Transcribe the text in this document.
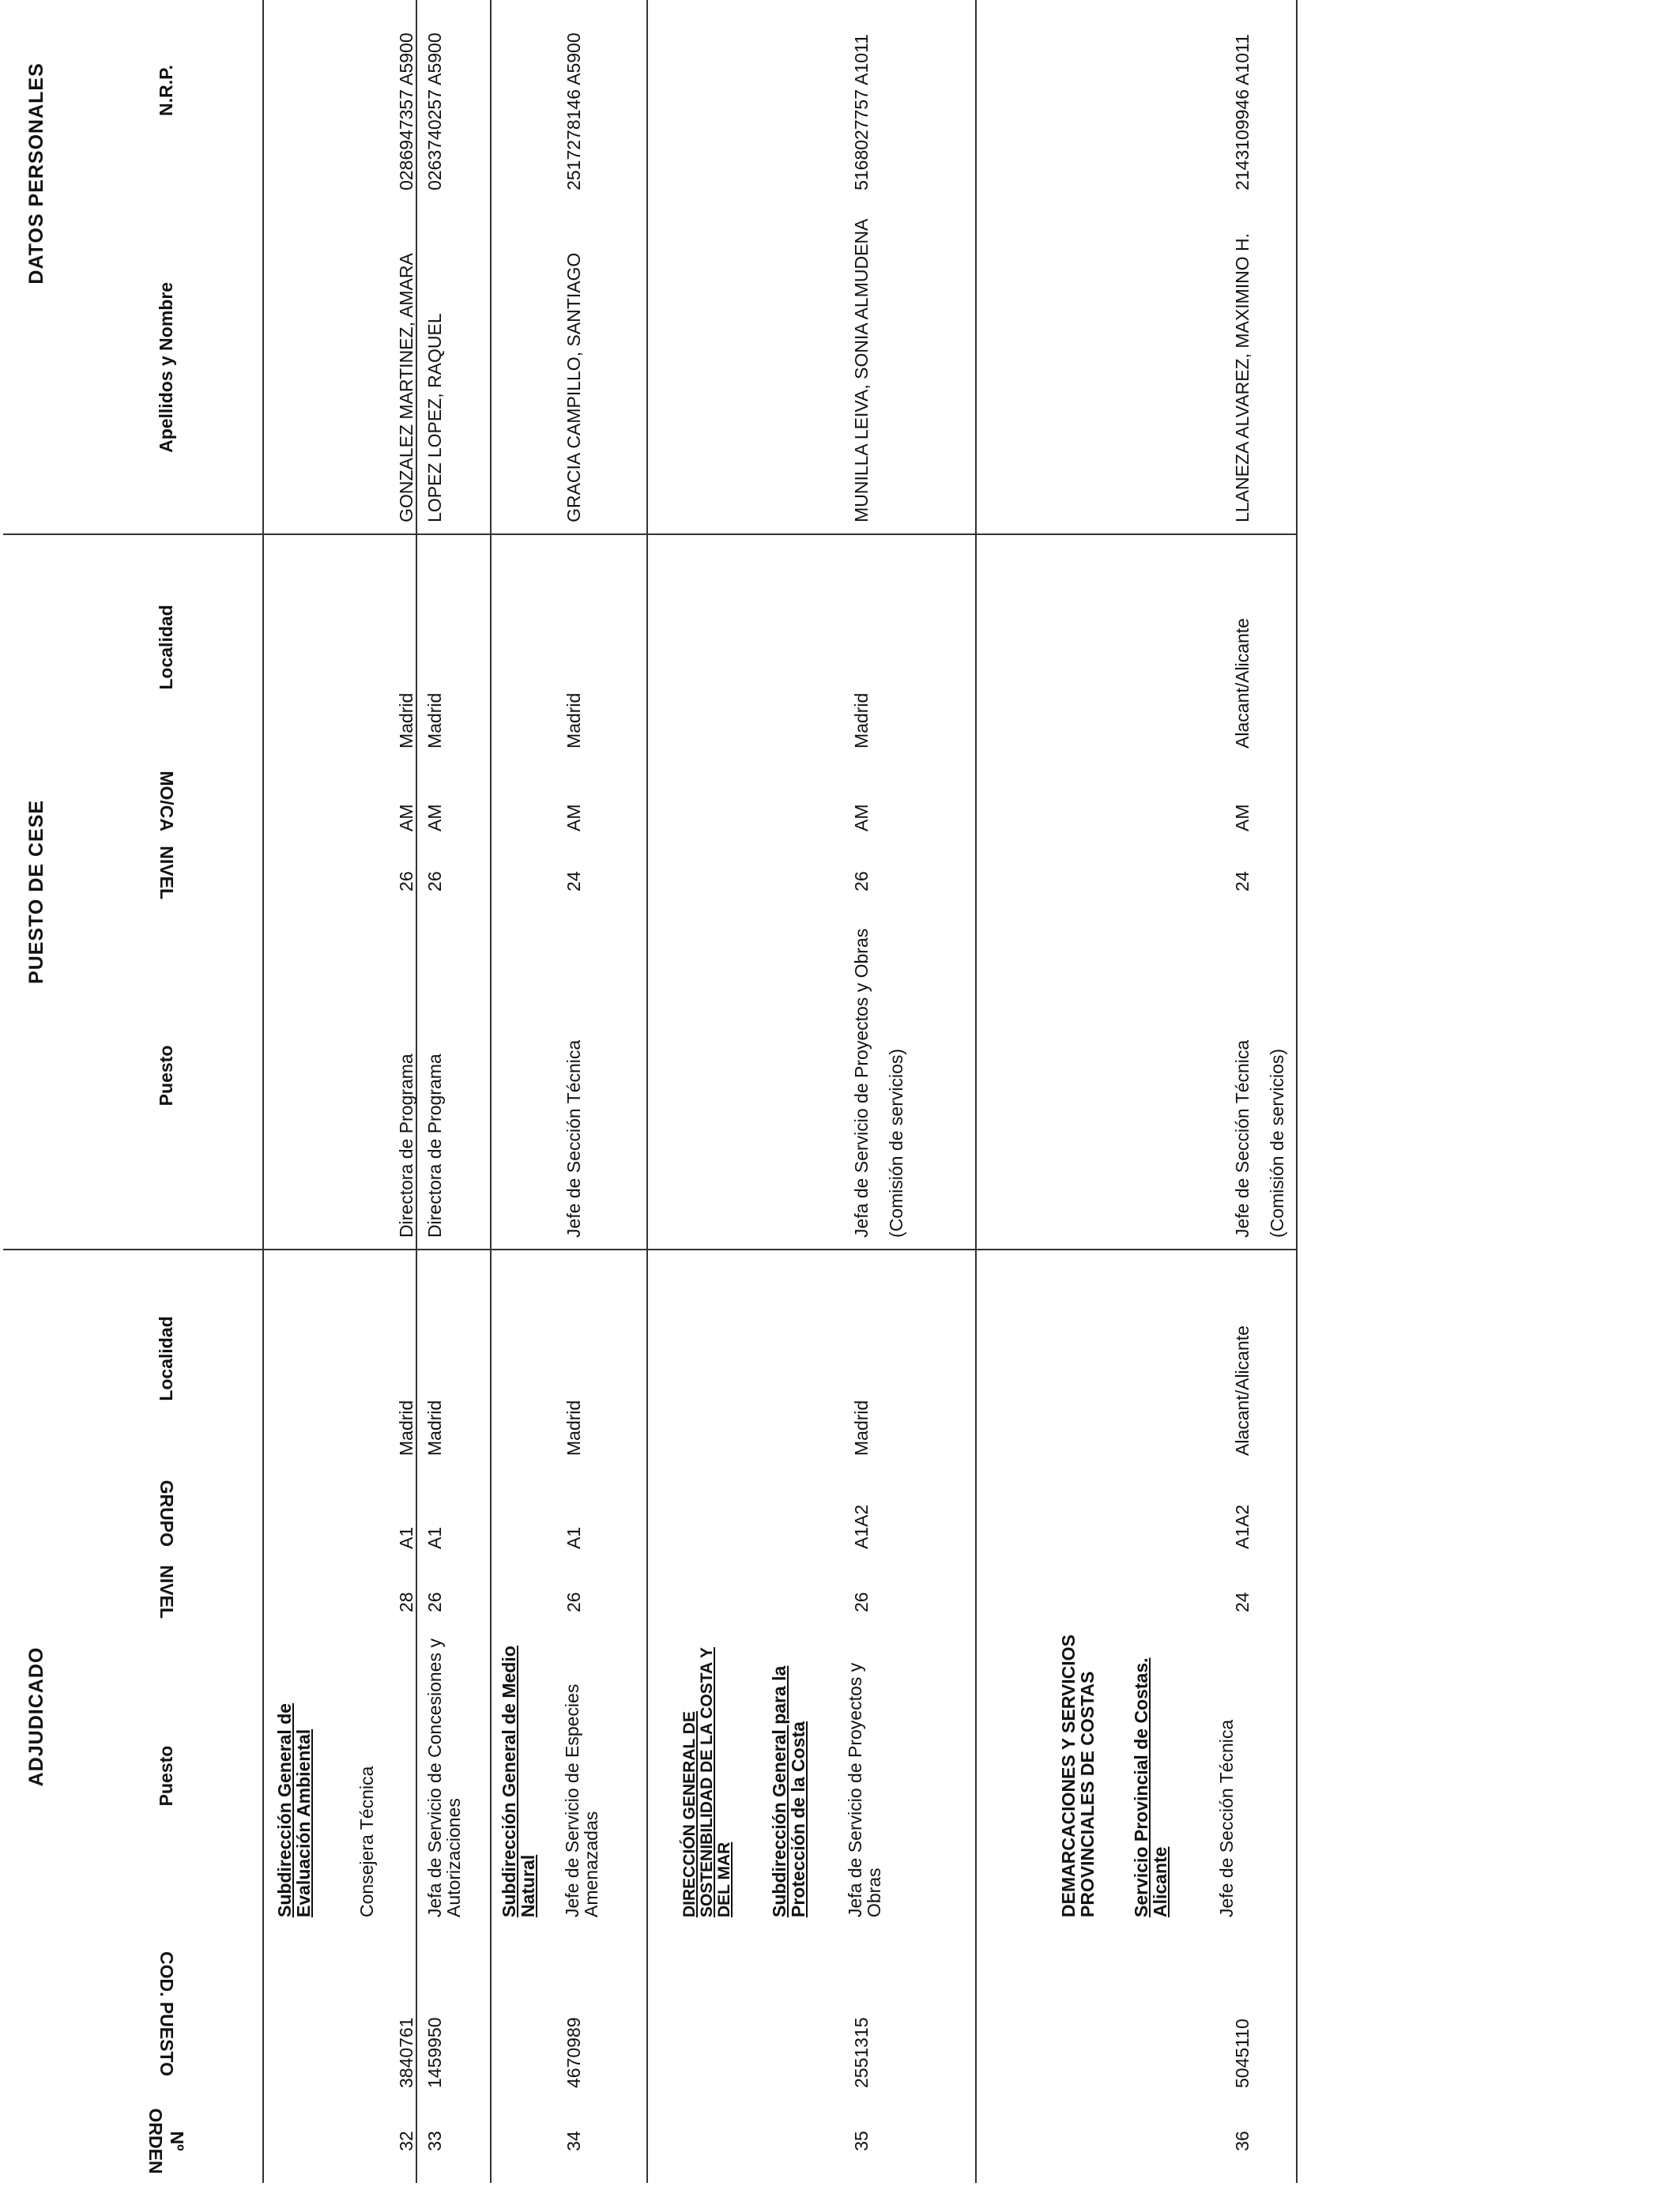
ADJUDICADO						PUESTO DE CESE				DATOS PERSONALES			
Nº ORDEN	COD. PUESTO	Puesto	NIVEL	GRUPO	Localidad	Puesto	NIVEL	MO/CA	Localidad	Apellidos y Nombre	N.R.P.		
32	3840761	Subdirección General de Evaluación Ambiental Consejera Técnica	28	A1	Madrid	Directora de Programa	26	AM	Madrid	GONZALEZ MARTINEZ, AMARA	0286947357 A5900		
33	1459950	Jefa de Servicio de Concesiones y Autorizaciones	26	A1	Madrid	Directora de Programa	26	AM	Madrid	LOPEZ LOPEZ, RAQUEL	0263740257 A5900		
34	4670989	Subdirección General de Medio Natural Jefe de Servicio de Especies Amenazadas	26	A1	Madrid	Jefe de Sección Técnica	24	AM	Madrid	GRACIA CAMPILLO, SANTIAGO	2517278146 A5900		
35	2551315	DIRECCIÓN GENERAL DE SOSTENIBILIDAD DE LA COSTA Y DEL MAR Subdirección General para la Protección de la Costa Jefa de Servicio de Proyectos y Obras	26	A1A2	Madrid	Jefa de Servicio de Proyectos y Obras (Comisión de servicios)	26	AM	Madrid	MUNILLA LEIVA, SONIA ALMUDENA	5168027757 A1011		
36	5045110	DEMARCACIONES Y SERVICIOS PROVINCIALES DE COSTAS Servicio Provincial de Costas. Alicante Jefe de Sección Técnica	24	A1A2	Alacant/Alicante	Jefe de Sección Técnica (Comisión de servicios)	24	AM	Alacant/Alicante	LLANEZA ALVAREZ, MAXIMINO H.	2143109946 A1011		
